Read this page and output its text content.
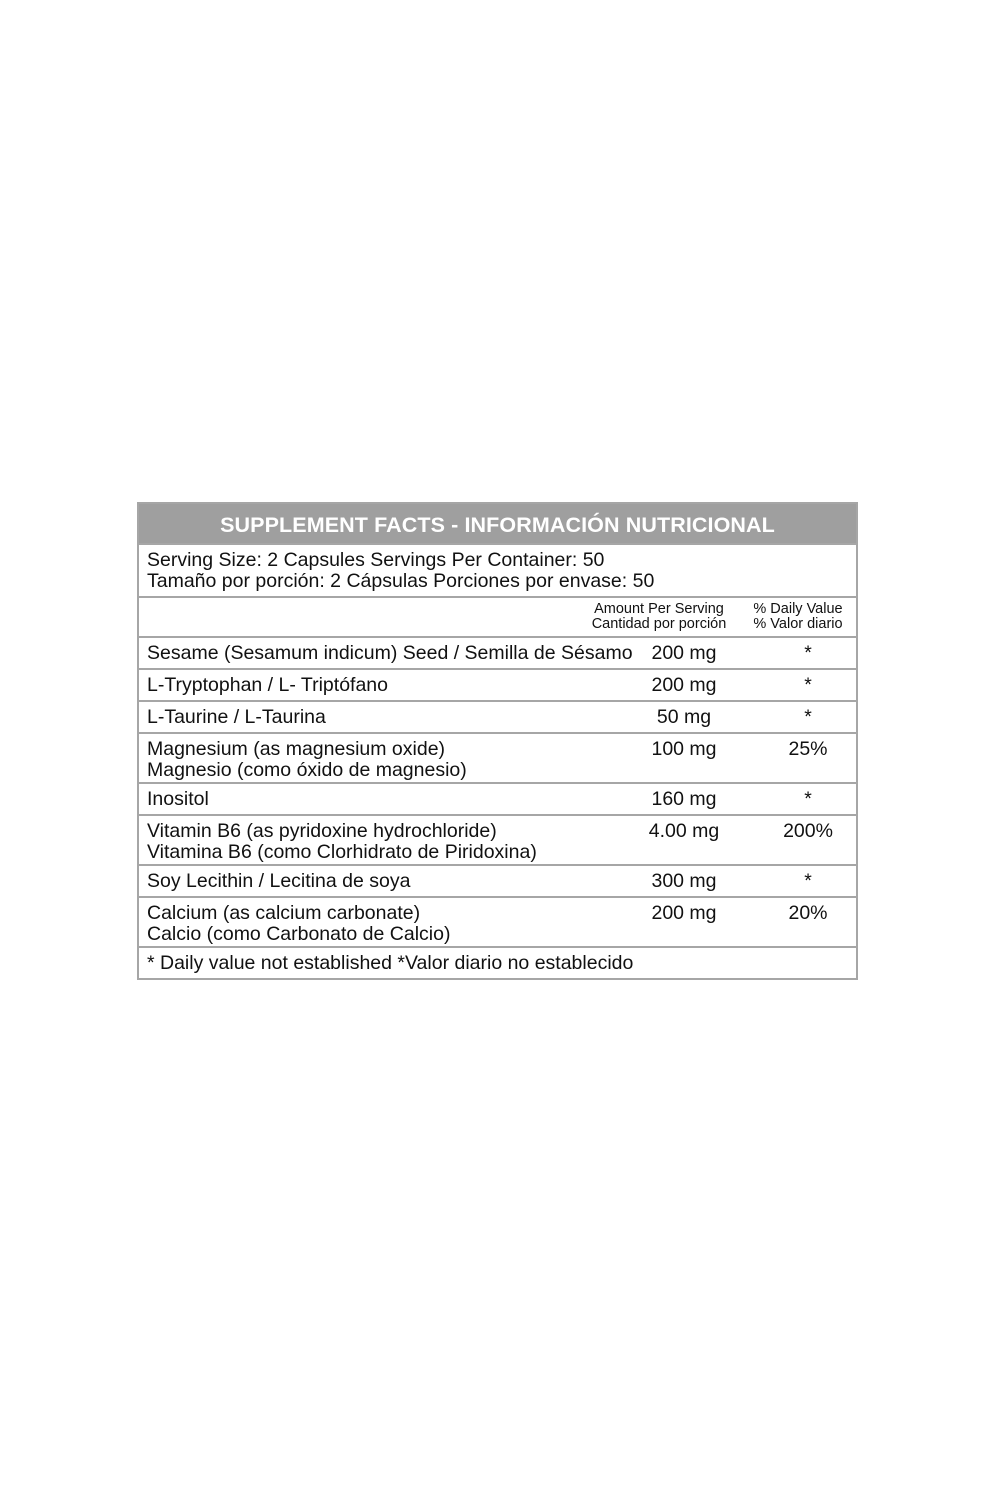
SUPPLEMENT FACTS - INFORMACIÓN NUTRICIONAL
Serving Size: 2 Capsules Servings Per Container: 50
Tamaño por porción: 2 Cápsulas Porciones por envase: 50
Amount Per Serving
Cantidad por porción
% Daily Value
% Valor diario
Sesame (Sesamum indicum) Seed / Semilla de Sésamo 200 mg	*
L-Tryptophan / L- Triptófano	200 mg	*
L-Taurine / L-Taurina	50 mg	*
Magnesium (as magnesium oxide)
Magnesio (como óxido de magnesio)
100 mg	25%
Inositol	160 mg	*
Vitamin B6 (as pyridoxine hydrochloride)
Vitamina B6 (como Clorhidrato de Piridoxina)
4.00 mg	200%
Soy Lecithin / Lecitina de soya	300 mg	*
Calcium (as calcium carbonate)
Calcio (como Carbonato de Calcio)
200 mg	20%
* Daily value not established *Valor diario no establecido
